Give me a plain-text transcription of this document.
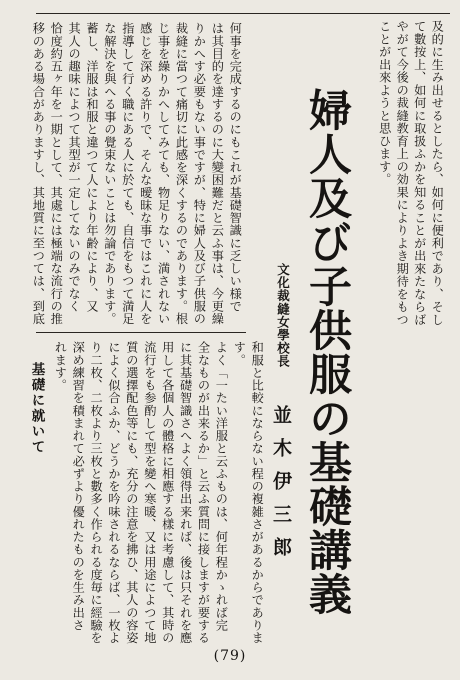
及的に生み出せるとしたら、如何に便利であり、そし
て數按上、如何に取扱ふかを知ることが出來たならば
やがて今後の裁縫教育上の効果によりよき期待をもつ
ことが出來ようと思ひます。
婦人及び子供服の基礎講義
文化裁縫女學校長
並木伊三郎
何事を完成するのにもこれが基礎智識に乏しい様で
は其目的を達するのに大變困難だと云ふ事は、今更繰
りかへす必要もない事ですが、特に婦人及び子供服の
裁縫に當つて痛切に此感を深くするのであります。根
じ事を繰りかへしてみても、物足りない、満されない
感じを深める許りで、そんな曖昧な事ではこれに人を
指導して行く職にある人に於ても、自信をもつて満足
な解決を與へる事の覺束ないことは勿論であります。
蓄し、洋服は和服と違つて人により年齢により、又
其人の趣味によつて其型が一定してないのみでなく
恰度約五ヶ年を一期として、其處には極端な流行の推
移のある場合がありますし、其地質に至つては、到底
和服と比較にならない程の複雑さがあるからでありま
す。
よく「一たい洋服と云ふものは、何年程かゝれば完
全なものが出来るか」と云ふ質問に接しますが要する
に其基礎智識さへよく領得出来れば、後は只それを應
用して各個人の體格に相應する樣に考慮して、其時の
流行をも参酌して型を變へ寒暖、又は用途によつて地
質の選擇配色等にも、充分の注意を拂ひ、其人の容姿
によく似合ふか、どうかを吟味されるならば、一枚よ
り二枚、二枚より三枚と數多く作られる度毎に經驗を
深め練習を積まれて必ずより優れたものを生み出さ
れます。
基礎に就いて
(79)
